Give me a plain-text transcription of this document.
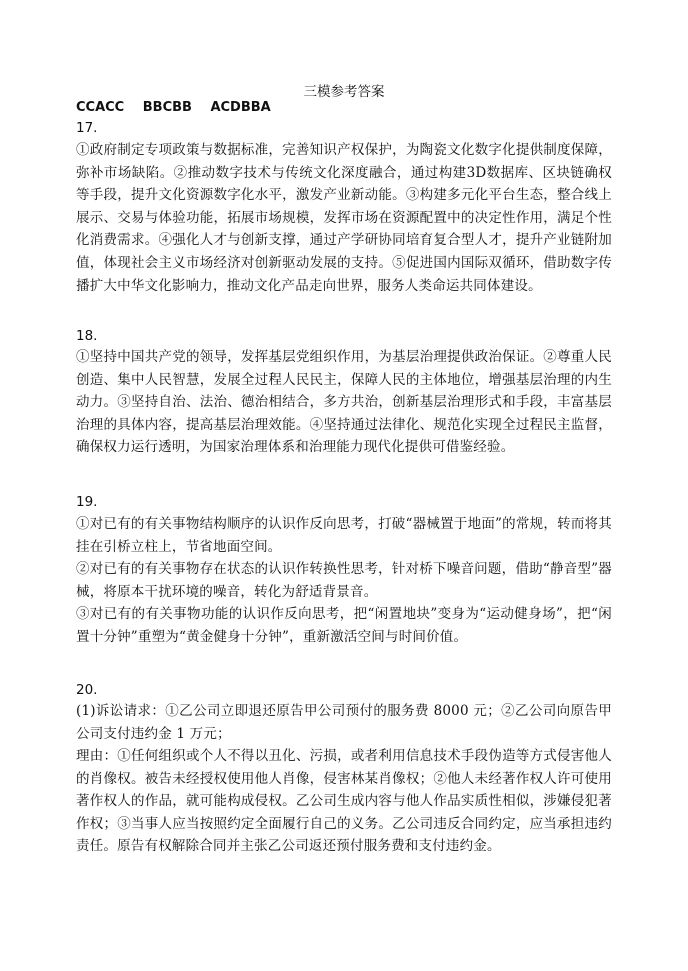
三模参考答案
CCACC BBCBB ACDBBA
17.
①政府制定专项政策与数据标准，完善知识产权保护，为陶瓷文化数字化提供制度保障，弥补市场缺陷。②推动数字技术与传统文化深度融合，通过构建3D数据库、区块链确权等手段，提升文化资源数字化水平，激发产业新动能。③构建多元化平台生态，整合线上展示、交易与体验功能，拓展市场规模，发挥市场在资源配置中的决定性作用，满足个性化消费需求。④强化人才与创新支撑，通过产学研协同培育复合型人才，提升产业链附加值，体现社会主义市场经济对创新驱动发展的支持。⑤促进国内国际双循环，借助数字传播扩大中华文化影响力，推动文化产品走向世界，服务人类命运共同体建设。
18.
①坚持中国共产党的领导，发挥基层党组织作用，为基层治理提供政治保证。②尊重人民创造、集中人民智慧，发展全过程人民民主，保障人民的主体地位，增强基层治理的内生动力。③坚持自治、法治、德治相结合，多方共治，创新基层治理形式和手段，丰富基层治理的具体内容，提高基层治理效能。④坚持通过法律化、规范化实现全过程民主监督，确保权力运行透明，为国家治理体系和治理能力现代化提供可借鉴经验。
19.
①对已有的有关事物结构顺序的认识作反向思考，打破“器械置于地面”的常规，转而将其挂在引桥立柱上，节省地面空间。
②对已有的有关事物存在状态的认识作转换性思考，针对桥下噪音问题，借助“静音型”器械，将原本干扰环境的噪音，转化为舒适背景音。
③对已有的有关事物功能的认识作反向思考，把“闲置地块”变身为“运动健身场”，把“闲置十分钟”重塑为“黄金健身十分钟”，重新激活空间与时间价值。
20.
(1)诉讼请求：①乙公司立即退还原告甲公司预付的服务费 8000 元；②乙公司向原告甲公司支付违约金 1 万元；
理由：①任何组织或个人不得以丑化、污损，或者利用信息技术手段伪造等方式侵害他人的肖像权。被告未经授权使用他人肖像，侵害林某肖像权；②他人未经著作权人许可使用著作权人的作品，就可能构成侵权。乙公司生成内容与他人作品实质性相似，涉嫌侵犯著作权；③当事人应当按照约定全面履行自己的义务。乙公司违反合同约定，应当承担违约责任。原告有权解除合同并主张乙公司返还预付服务费和支付违约金。
